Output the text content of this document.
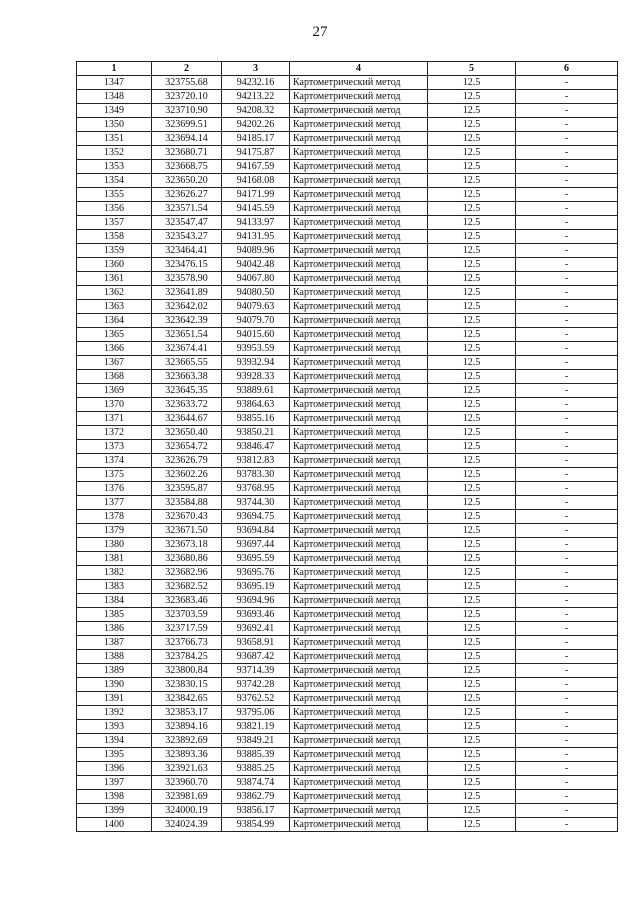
27
1	2	3	4	5	6
1347	323755.68	94232.16	Картометрический метод	12.5	-
1348	323720.10	94213.22	Картометрический метод	12.5	-
1349	323710.90	94208.32	Картометрический метод	12.5	-
1350	323699.51	94202.26	Картометрический метод	12.5	-
1351	323694.14	94185.17	Картометрический метод	12.5	-
1352	323680.71	94175.87	Картометрический метод	12.5	-
1353	323668.75	94167.59	Картометрический метод	12.5	-
1354	323650.20	94168.08	Картометрический метод	12.5	-
1355	323626.27	94171.99	Картометрический метод	12.5	-
1356	323571.54	94145.59	Картометрический метод	12.5	-
1357	323547.47	94133.97	Картометрический метод	12.5	-
1358	323543.27	94131.95	Картометрический метод	12.5	-
1359	323464.41	94089.96	Картометрический метод	12.5	-
1360	323476.15	94042.48	Картометрический метод	12.5	-
1361	323578.90	94067.80	Картометрический метод	12.5	-
1362	323641.89	94080.50	Картометрический метод	12.5	-
1363	323642.02	94079.63	Картометрический метод	12.5	-
1364	323642.39	94079.70	Картометрический метод	12.5	-
1365	323651.54	94015.60	Картометрический метод	12.5	-
1366	323674.41	93953.59	Картометрический метод	12.5	-
1367	323665.55	93932.94	Картометрический метод	12.5	-
1368	323663.38	93928.33	Картометрический метод	12.5	-
1369	323645.35	93889.61	Картометрический метод	12.5	-
1370	323633.72	93864.63	Картометрический метод	12.5	-
1371	323644.67	93855.16	Картометрический метод	12.5	-
1372	323650.40	93850.21	Картометрический метод	12.5	-
1373	323654.72	93846.47	Картометрический метод	12.5	-
1374	323626.79	93812.83	Картометрический метод	12.5	-
1375	323602.26	93783.30	Картометрический метод	12.5	-
1376	323595.87	93768.95	Картометрический метод	12.5	-
1377	323584.88	93744.30	Картометрический метод	12.5	-
1378	323670.43	93694.75	Картометрический метод	12.5	-
1379	323671.50	93694.84	Картометрический метод	12.5	-
1380	323673.18	93697.44	Картометрический метод	12.5	-
1381	323680.86	93695.59	Картометрический метод	12.5	-
1382	323682.96	93695.76	Картометрический метод	12.5	-
1383	323682.52	93695.19	Картометрический метод	12.5	-
1384	323683.46	93694.96	Картометрический метод	12.5	-
1385	323703.59	93693.46	Картометрический метод	12.5	-
1386	323717.59	93692.41	Картометрический метод	12.5	-
1387	323766.73	93658.91	Картометрический метод	12.5	-
1388	323784.25	93687.42	Картометрический метод	12.5	-
1389	323800.84	93714.39	Картометрический метод	12.5	-
1390	323830.15	93742.28	Картометрический метод	12.5	-
1391	323842.65	93762.52	Картометрический метод	12.5	-
1392	323853.17	93795.06	Картометрический метод	12.5	-
1393	323894.16	93821.19	Картометрический метод	12.5	-
1394	323892.69	93849.21	Картометрический метод	12.5	-
1395	323893.36	93885.39	Картометрический метод	12.5	-
1396	323921.63	93885.25	Картометрический метод	12.5	-
1397	323960.70	93874.74	Картометрический метод	12.5	-
1398	323981.69	93862.79	Картометрический метод	12.5	-
1399	324000.19	93856.17	Картометрический метод	12.5	-
1400	324024.39	93854.99	Картометрический метод	12.5	-
